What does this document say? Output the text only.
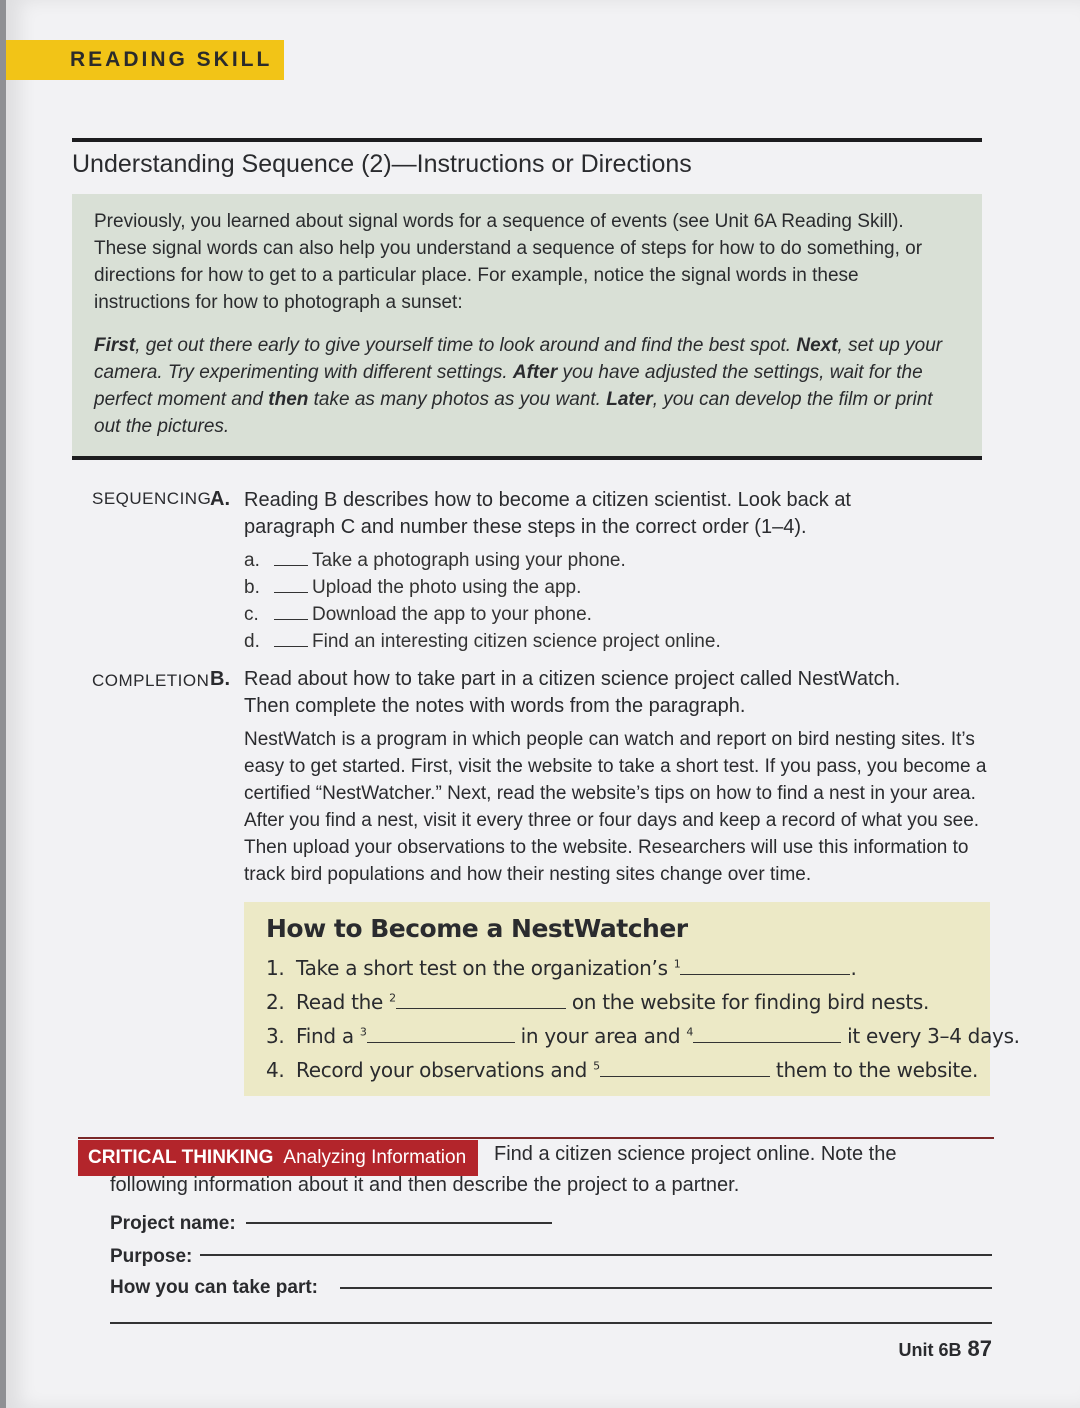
READING SKILL
Understanding Sequence (2)—Instructions or Directions

Previously, you learned about signal words for a sequence of events (see Unit 6A Reading Skill). These signal words can also help you understand a sequence of steps for how to do something, or directions for how to get to a particular place. For example, notice the signal words in these instructions for how to photograph a sunset:

First, get out there early to give yourself time to look around and find the best spot. Next, set up your camera. Try experimenting with different settings. After you have adjusted the settings, wait for the perfect moment and then take as many photos as you want. Later, you can develop the film or print out the pictures.

SEQUENCING
A. Reading B describes how to become a citizen scientist. Look back at
paragraph C and number these steps in the correct order (1–4).
a.	Take a photograph using your phone.
b.	Upload the photo using the app.
c.	Download the app to your phone.
d.	Find an interesting citizen science project online.
COMPLETION B. Read about how to take part in a citizen science project called NestWatch.
Then complete the notes with words from the paragraph.
NestWatch is a program in which people can watch and report on bird nesting sites. It’s easy to get started. First, visit the website to take a short test. If you pass, you become a certified “NestWatcher.” Next, read the website’s tips on how to find a nest in your area. After you find a nest, visit it every three or four days and keep a record of what you see. Then upload your observations to the website. Researchers will use this information to track bird populations and how their nesting sites change over time.
How to Become a NestWatcher
1. Take a short test on the organization’s $^1$	.
2. Read the $^2$	on the website for finding bird nests.
3. Find a $^3$	in your area and $^4$	it every 3–4 days.
4. Record your observations and $^5$	them to the website.
CRITICAL THINKING Analyzing Information	Find a citizen science project online. Note the
following information about it and then describe the project to a partner.
Project name:
Purpose:
How you can take part:
Unit 6B 87
